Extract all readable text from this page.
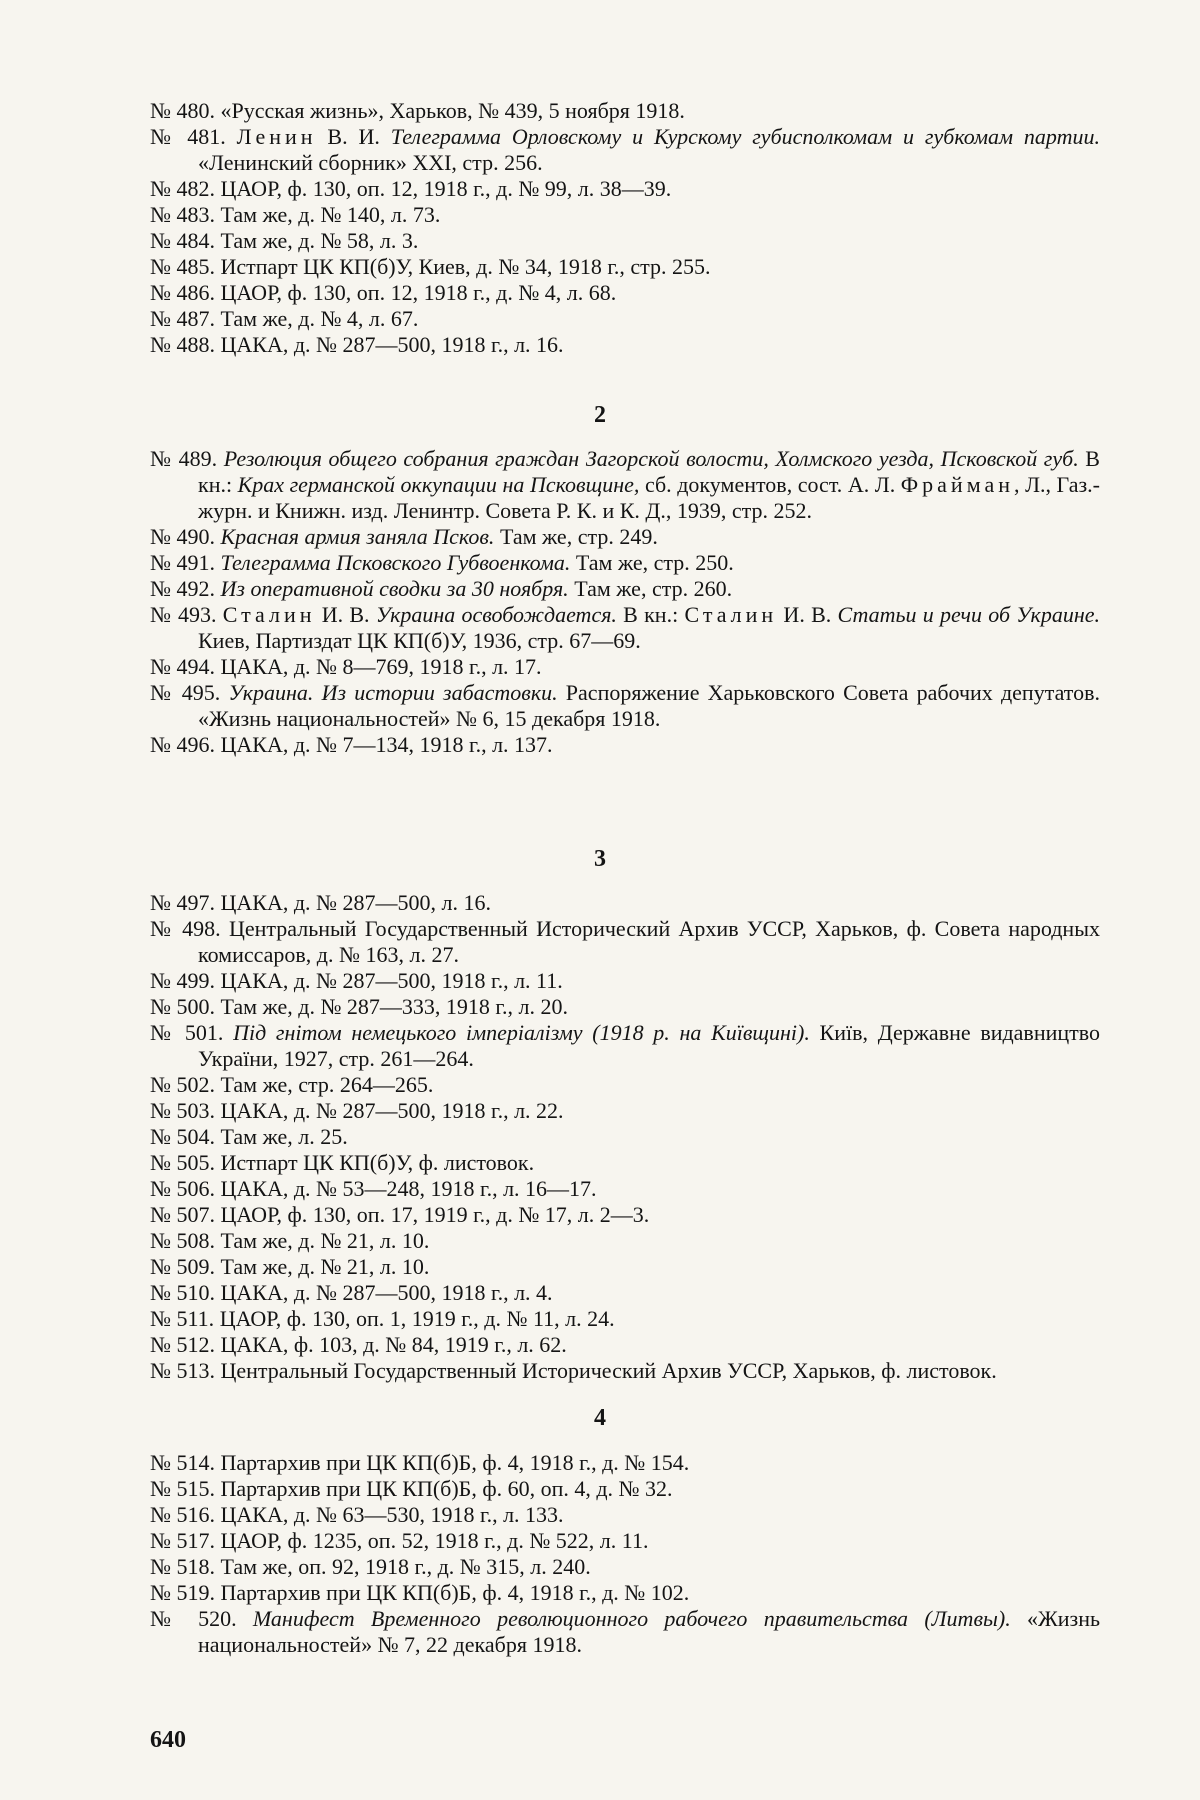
№ 480. «Русская жизнь», Харьков, № 439, 5 ноября 1918.

№ 481. Ленин В. И. Телеграмма Орловскому и Курскому губисполкомам и губкомам партии. «Ленинский сборник» XXI, стр. 256.

№ 482. ЦАОР, ф. 130, оп. 12, 1918 г., д. № 99, л. 38—39.

№ 483. Там же, д. № 140, л. 73.

№ 484. Там же, д. № 58, л. 3.

№ 485. Истпарт ЦК КП(б)У, Киев, д. № 34, 1918 г., стр. 255.

№ 486. ЦАОР, ф. 130, оп. 12, 1918 г., д. № 4, л. 68.

№ 487. Там же, д. № 4, л. 67.

№ 488. ЦАКА, д. № 287—500, 1918 г., л. 16.

2

№ 489. Резолюция общего собрания граждан Загорской волости, Холмского уезда, Псковской губ. В кн.: Крах германской оккупации на Псковщине, сб. документов, сост. А. Л. Фрайман, Л., Газ.-журн. и Книжн. изд. Ленинтр. Совета Р. К. и К. Д., 1939, стр. 252.

№ 490. Красная армия заняла Псков. Там же, стр. 249.

№ 491. Телеграмма Псковского Губвоенкома. Там же, стр. 250.

№ 492. Из оперативной сводки за 30 ноября. Там же, стр. 260.

№ 493. Сталин И. В. Украина освобождается. В кн.: Сталин И. В. Статьи и речи об Украине. Киев, Партиздат ЦК КП(б)У, 1936, стр. 67—69.

№ 494. ЦАКА, д. № 8—769, 1918 г., л. 17.

№ 495. Украина. Из истории забастовки. Распоряжение Харьковского Совета рабочих депутатов. «Жизнь национальностей» № 6, 15 декабря 1918.

№ 496. ЦАКА, д. № 7—134, 1918 г., л. 137.

3

№ 497. ЦАКА, д. № 287—500, л. 16.

№ 498. Центральный Государственный Исторический Архив УССР, Харьков, ф. Совета народных комиссаров, д. № 163, л. 27.

№ 499. ЦАКА, д. № 287—500, 1918 г., л. 11.

№ 500. Там же, д. № 287—333, 1918 г., л. 20.

№ 501. Під гнітом немецького імперіалізму (1918 р. на Київщині). Київ, Державне видавництво України, 1927, стр. 261—264.

№ 502. Там же, стр. 264—265.

№ 503. ЦАКА, д. № 287—500, 1918 г., л. 22.

№ 504. Там же, л. 25.

№ 505. Истпарт ЦК КП(б)У, ф. листовок.

№ 506. ЦАКА, д. № 53—248, 1918 г., л. 16—17.

№ 507. ЦАОР, ф. 130, оп. 17, 1919 г., д. № 17, л. 2—3.

№ 508. Там же, д. № 21, л. 10.

№ 509. Там же, д. № 21, л. 10.

№ 510. ЦАКА, д. № 287—500, 1918 г., л. 4.

№ 511. ЦАОР, ф. 130, оп. 1, 1919 г., д. № 11, л. 24.

№ 512. ЦАКА, ф. 103, д. № 84, 1919 г., л. 62.

№ 513. Центральный Государственный Исторический Архив УССР, Харьков, ф. листовок.

4

№ 514. Партархив при ЦК КП(б)Б, ф. 4, 1918 г., д. № 154.

№ 515. Партархив при ЦК КП(б)Б, ф. 60, оп. 4, д. № 32.

№ 516. ЦАКА, д. № 63—530, 1918 г., л. 133.

№ 517. ЦАОР, ф. 1235, оп. 52, 1918 г., д. № 522, л. 11.

№ 518. Там же, оп. 92, 1918 г., д. № 315, л. 240.

№ 519. Партархив при ЦК КП(б)Б, ф. 4, 1918 г., д. № 102.

№ 520. Манифест Временного революционного рабочего правительства (Литвы). «Жизнь национальностей» № 7, 22 декабря 1918.

640
